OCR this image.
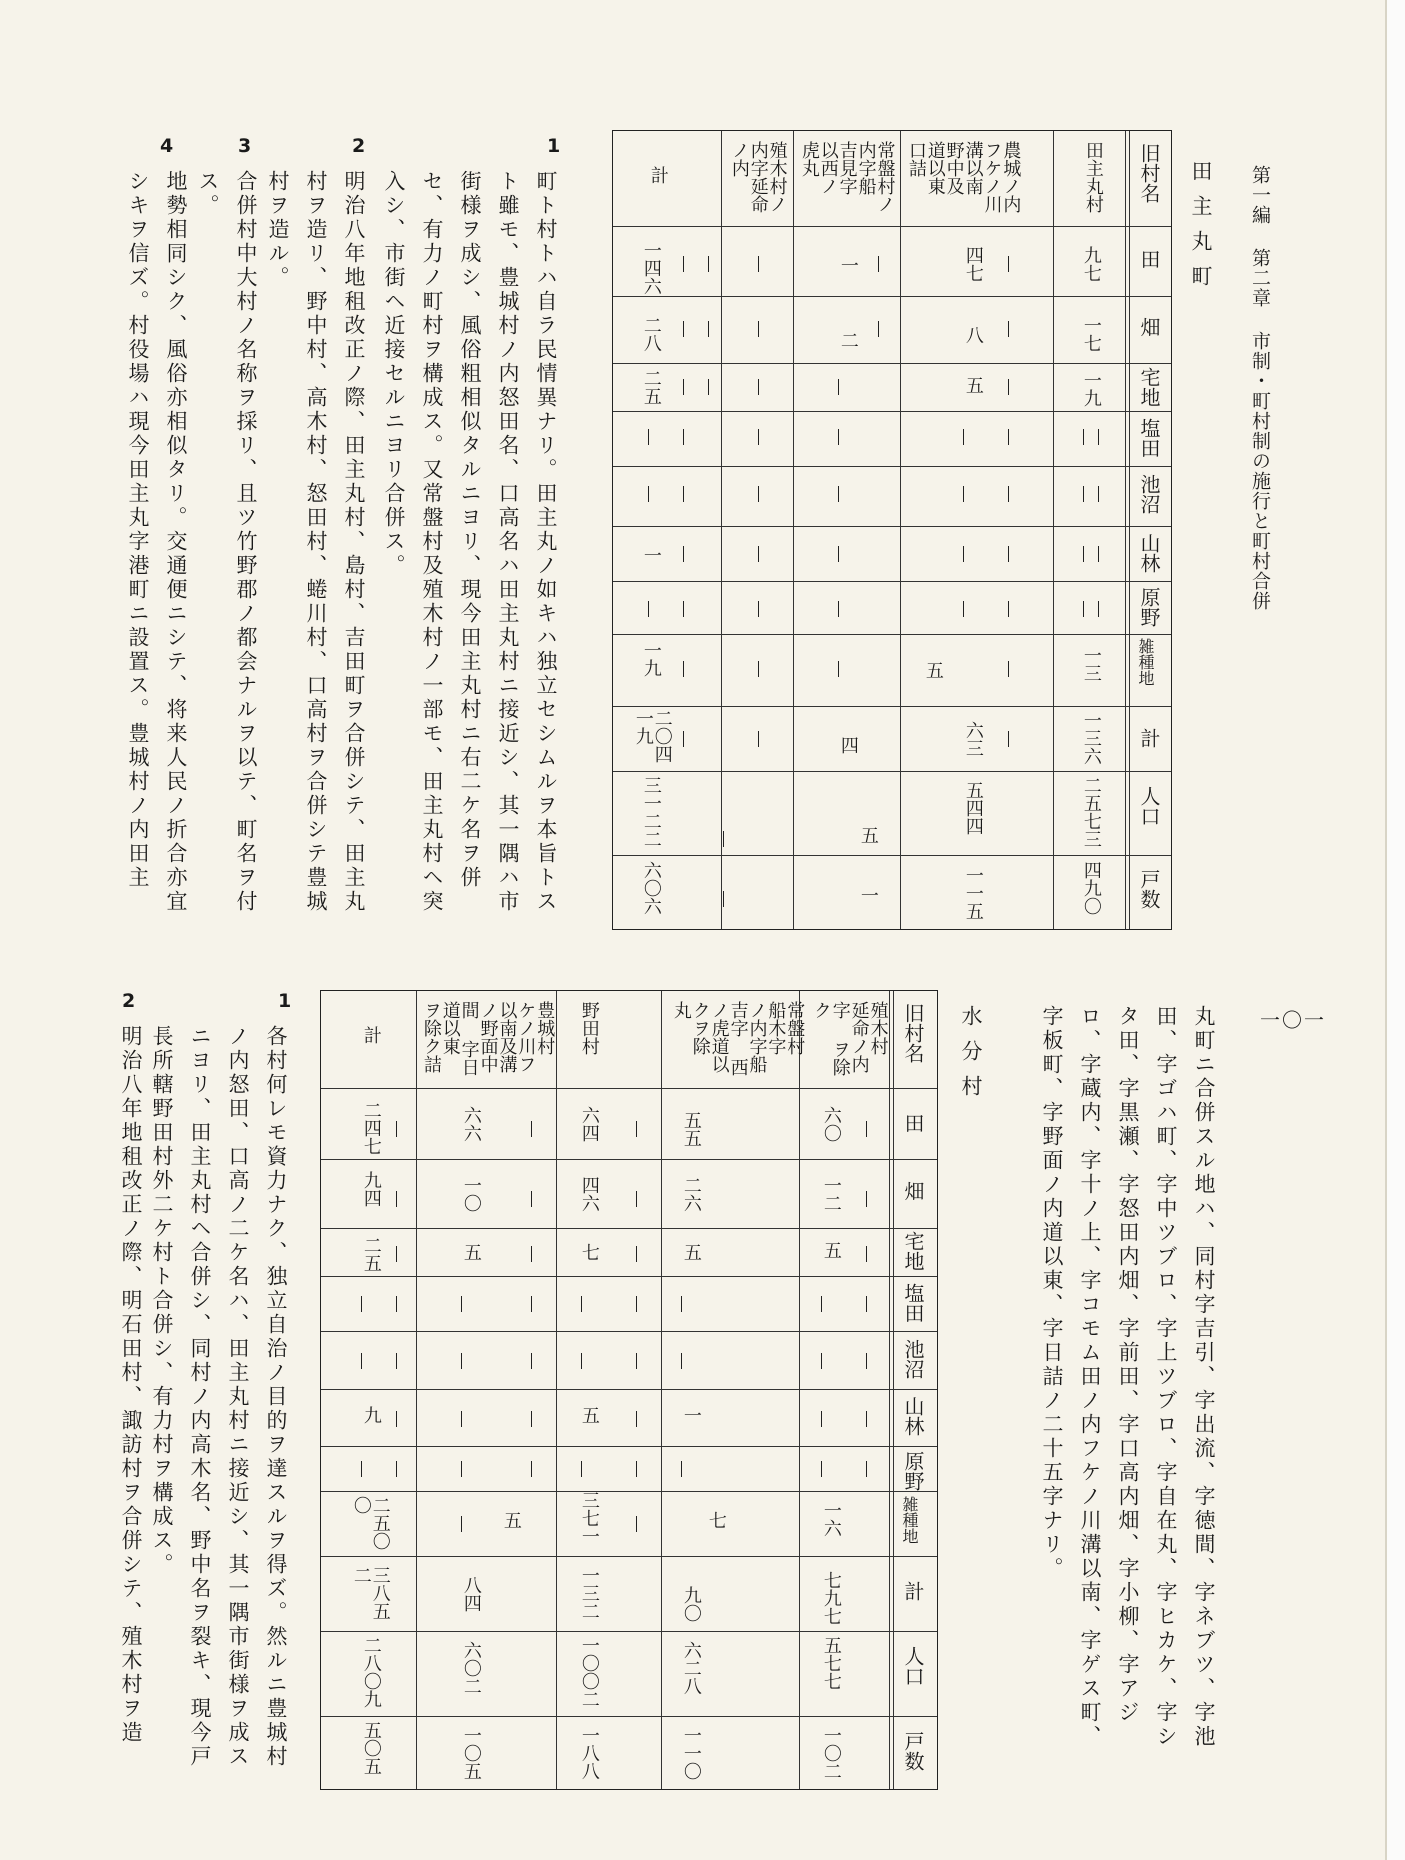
第一編 第二章 市制・町村制の施行と町村合併
一〇一
田主丸町
旧村名
田
畑
宅地
塩田
池沼
山林
原野
雑種地
計
人口
戸数
田主丸村
農城ノ内 フケノ川 溝以南 野中及 道以東 口詰
常盤村ノ 内字船 吉見字 以西ノ 虎丸
殖木村ノ 内字延命 ノ内
計
九七
一七
一九
一三
一三六
二五七三
四九〇
四七
八
五
五
六三
五四四
一一五
一
二
四
五
一
一四六
二八
二五
一
一九
二〇四一九
三一二二
六〇六
1
町ト村トハ自ラ民情異ナリ。田主丸ノ如キハ独立セシムルヲ本旨トスト雖モ、豊城村ノ内怒田名、口高名ハ田主丸村ニ接近シ、其一隅ハ市街様ヲ成シ、風俗粗相似タルニヨリ、現今田主丸村ニ右二ケ名ヲ併セ、有力ノ町村ヲ構成ス。又常盤村及殖木村ノ一部モ、田主丸村ヘ突入シ、市街ヘ近接セルニヨリ合併ス。
2
明治八年地租改正ノ際、田主丸村、島村、吉田町ヲ合併シテ、田主丸村ヲ造リ、野中村、高木村、怒田村、蜷川村、口高村ヲ合併シテ豊城村ヲ造ル。
3
合併村中大村ノ名称ヲ採リ、且ツ竹野郡ノ都会ナルヲ以テ、町名ヲ付ス。
4
地勢相同シク、風俗亦相似タリ。交通便ニシテ、将来人民ノ折合亦宜シキヲ信ズ。村役場ハ現今田主丸字港町ニ設置ス。豊城村ノ内田主
丸町ニ合併スル地ハ、同村字吉引、字出流、字徳間、字ネブツ、字池
田、字ゴハ町、字中ツブロ、字上ツブロ、字自在丸、字ヒカケ、字シ
タ田、字黒瀬、字怒田内畑、字前田、字口高内畑、字小柳、字アジ
ロ、字蔵内、字十ノ上、字コモム田ノ内フケノ川溝以南、字ゲス町、
字板町、字野面ノ内道以東、字日詰ノ二十五字ナリ。
水分村
旧村名
田
畑
宅地
塩田
池沼
山林
原野
雑種地
計
人口
戸数
殖木村 延命ノ内字 ヲ除ク
常盤村 船木字 ノ内字船吉字 西ノ虎道以 クヲ除 丸
野田村
豊城村 ケノ川フ 以南及溝 ノ野面中間 字日道以東 ヲ除ク詰
計
六〇
一二
五
一六
七九七
五七七
一〇二
五五
二六
五
一
七
九〇
六二八
一一〇
六四
四六
七
五
三七一
一三二
一〇〇二
一八八
六六
一〇
五
五
八四
六〇二
一〇五
二四七
九四
二五
九
二五〇〇
三八五二
二八〇九
五〇五
1
各村何レモ資力ナク、独立自治ノ目的ヲ達スルヲ得ズ。然ルニ豊城村ノ内怒田、口高ノ二ケ名ハ、田主丸村ニ接近シ、其一隅市街様ヲ成スニヨリ、田主丸村ヘ合併シ、同村ノ内高木名、野中名ヲ裂キ、現今戸長所轄野田村外二ケ村ト合併シ、有力村ヲ構成ス。
2
明治八年地租改正ノ際、明石田村、諏訪村ヲ合併シテ、殖木村ヲ造
